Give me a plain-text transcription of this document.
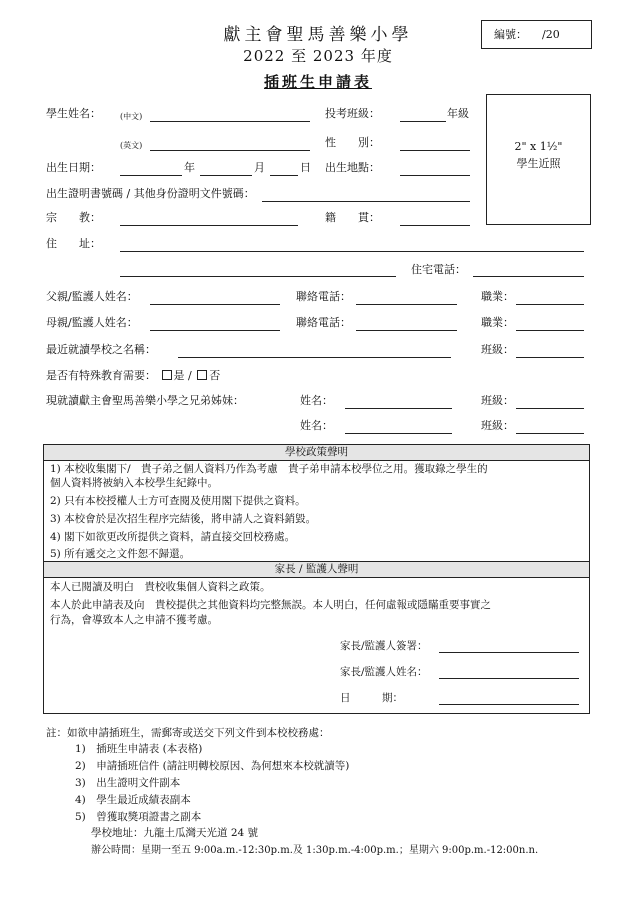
獻主會聖馬善樂小學
2022 至 2023 年度
插班生申請表
編號： /20
2" x 1½"
學生近照
學生姓名： (中文)	投考班級：	年級
(英文)	性　　別：
出生日期：	年	月	日 出生地點：
出生證明書號碼 / 其他身份證明文件號碼：
宗　　教：	籍　　貫：
住　　址：
住宅電話：
父親/監護人姓名：	聯絡電話：	職業：
母親/監護人姓名：	聯絡電話：	職業：
最近就讀學校之名稱：	班級：
是否有特殊教育需要： 是 / 否
現就讀獻主會聖馬善樂小學之兄弟姊妹：	姓名：	班級：
姓名：	班級：
學校政策聲明
1) 本校收集閣下/　貴子弟之個人資料乃作為考慮　貴子弟申請本校學位之用。獲取錄之學生的
個人資料將被納入本校學生紀錄中。
2) 只有本校授權人士方可查閱及使用閣下提供之資料。
3) 本校會於是次招生程序完結後，將申請人之資料銷毀。
4) 閣下如欲更改所提供之資料，請直接交回校務處。
5) 所有遞交之文件恕不歸還。
家長 / 監護人聲明
本人已閱讀及明白　貴校收集個人資料之政策。
本人於此申請表及向　貴校提供之其他資料均完整無誤。本人明白，任何虛報或隱瞞重要事實之
行為，會導致本人之申請不獲考慮。
家長/監護人簽署：
家長/監護人姓名：
日　　　期：
註：如欲申請插班生，需郵寄或送交下列文件到本校校務處：
1)　插班生申請表 (本表格)
2)　申請插班信件 (請註明轉校原因、為何想來本校就讀等)
3)　出生證明文件副本
4)　學生最近成績表副本
5)　曾獲取獎項證書之副本
學校地址：九龍土瓜灣天光道 24 號
辦公時間：星期一至五 9:00a.m.-12:30p.m.及 1:30p.m.-4:00p.m.；星期六 9:00p.m.-12:00n.n.
